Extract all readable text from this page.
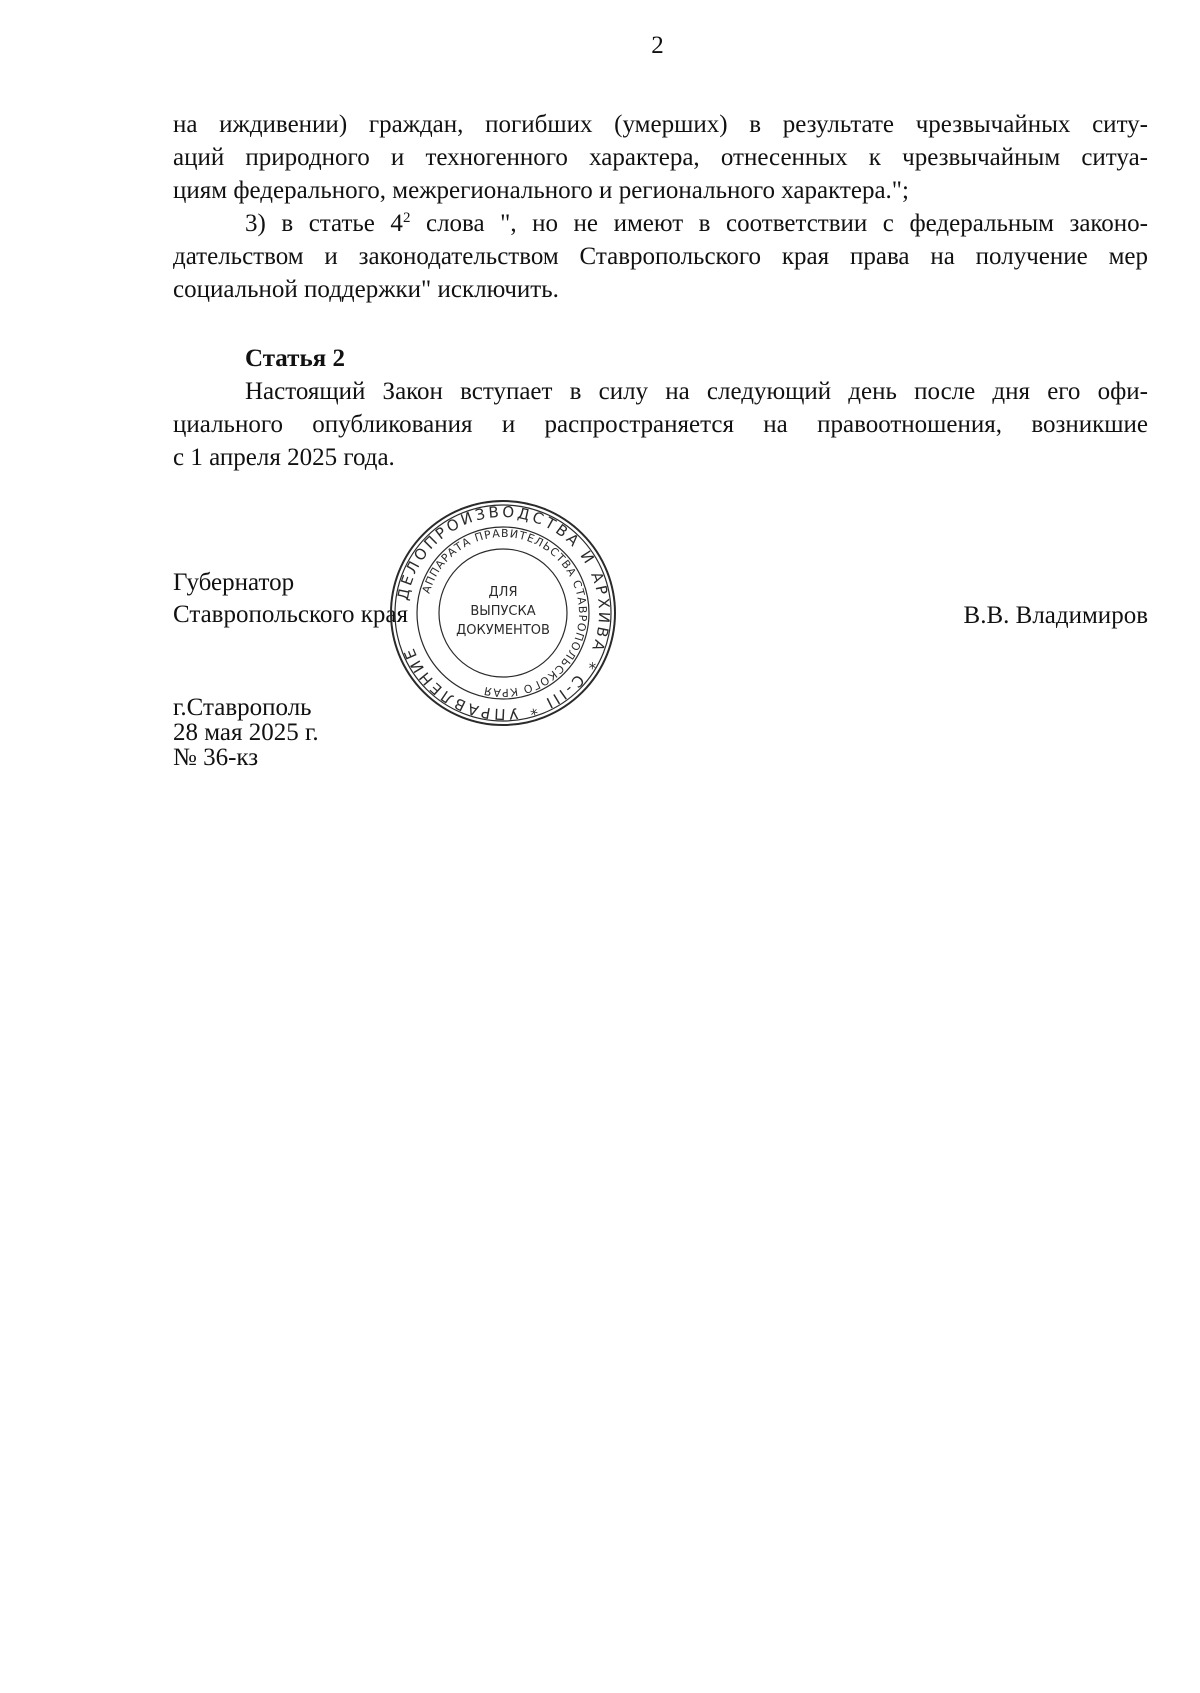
2
на иждивении) граждан, погибших (умерших) в результате чрезвычайных ситу-
аций природного и техногенного характера, отнесенных к чрезвычайным ситуа-
циям федерального, межрегионального и регионального характера.";
3) в статье $4^2$ слова ", но не имеют в соответствии с федеральным законо-
дательством и законодательством Ставропольского края права на получение мер
социальной поддержки" исключить.
Статья 2
Настоящий Закон вступает в силу на следующий день после дня его офи-
циального опубликования и распространяется на правоотношения, возникшие
с 1 апреля 2025 года.
Губернатор
Ставропольского края	В.В. Владимиров
г.Ставрополь
28 мая 2025 г.
№ 36-кз
ДЕЛОПРОИЗВОДСТВА И АРХИВА * С-III * УПРАВЛЕНИЕ
АППАРАТА ПРАВИТЕЛЬСТВА СТАВРОПОЛЬСКОГО КРАЯ
ДЛЯ
ВЫПУСКА
ДОКУМЕНТОВ
